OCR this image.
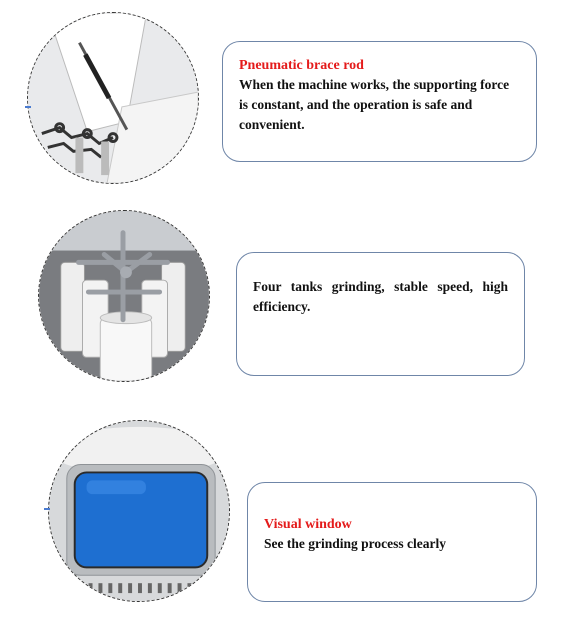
Pneumatic brace rod
When the machine works, the supporting force is constant, and the operation is safe and convenient.
Four tanks grinding, stable speed, high efficiency.
Visual window
See the grinding process clearly
